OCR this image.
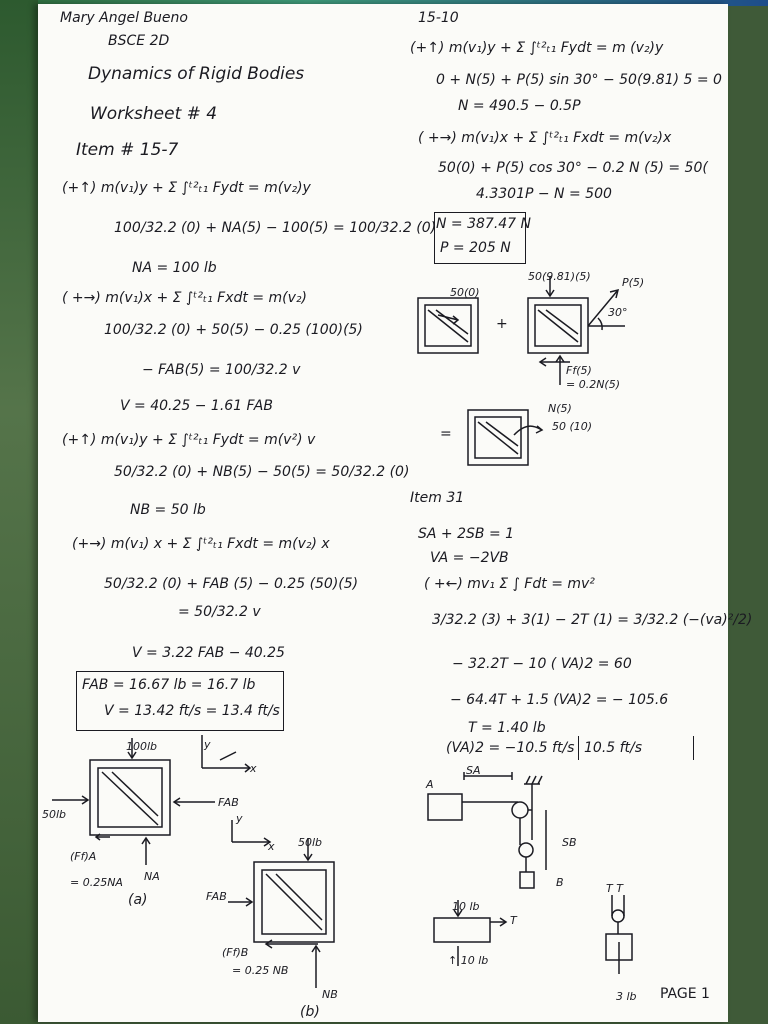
Mary Angel Bueno
BSCE 2D
Dynamics of Rigid Bodies
Worksheet # 4
Item # 15-7
(+↑) m(v₁)y + Σ ∫ᵗ²ₜ₁ Fydt = m(v₂)y
100/32.2 (0) + NA(5) − 100(5) = 100/32.2 (0)
NA = 100 lb
( +→) m(v₁)x + Σ ∫ᵗ²ₜ₁ Fxdt = m(v₂)
100/32.2 (0) + 50(5) − 0.25 (100)(5)
− FAB(5) = 100/32.2 v
V = 40.25 − 1.61 FAB
(+↑) m(v₁)y + Σ ∫ᵗ²ₜ₁ Fydt = m(v²) v
50/32.2 (0) + NB(5) − 50(5) = 50/32.2 (0)
NB = 50 lb
(+→) m(v₁) x + Σ ∫ᵗ²ₜ₁ Fxdt = m(v₂) x
50/32.2 (0) + FAB (5) − 0.25 (50)(5)
= 50/32.2 v
V = 3.22 FAB − 40.25
FAB = 16.67 lb = 16.7 lb
V = 13.42 ft/s = 13.4 ft/s
100lb
50lb
FAB
(Ff)A
= 0.25NA NA
(a)
y
x
y
x 50lb
FAB
(Ff)B
= 0.25 NB
NB
(b)
15-10
(+↑) m(v₁)y + Σ ∫ᵗ²ₜ₁ Fydt = m (v₂)y
0 + N(5) + P(5) sin 30° − 50(9.81) 5 = 0
N = 490.5 − 0.5P
( +→) m(v₁)x + Σ ∫ᵗ²ₜ₁ Fxdt = m(v₂)x
50(0) + P(5) cos 30° − 0.2 N (5) = 50(
4.3301P − N = 500
N = 387.47 N
P = 205 N
50(0)
50(9.81)(5)	P(5)
30°
+
Ff(5)
= 0.2N(5)
N(5)
=	50 (10)
Item 31
SA + 2SB = 1
VA = −2VB
( +←) mv₁ Σ ∫ Fdt = mv²
3/32.2 (3) + 3(1) − 2T (1) = 3/32.2 (−(va)²/2)
− 32.2T − 10 ( VA)2 = 60
− 64.4T + 1.5 (VA)2 = − 105.6
T = 1.40 lb
(VA)2 = −10.5 ft/s 10.5 ft/s
A
SA
SB
B
10 lb
T
↑ 10 lb
T T
3 lb PAGE 1
